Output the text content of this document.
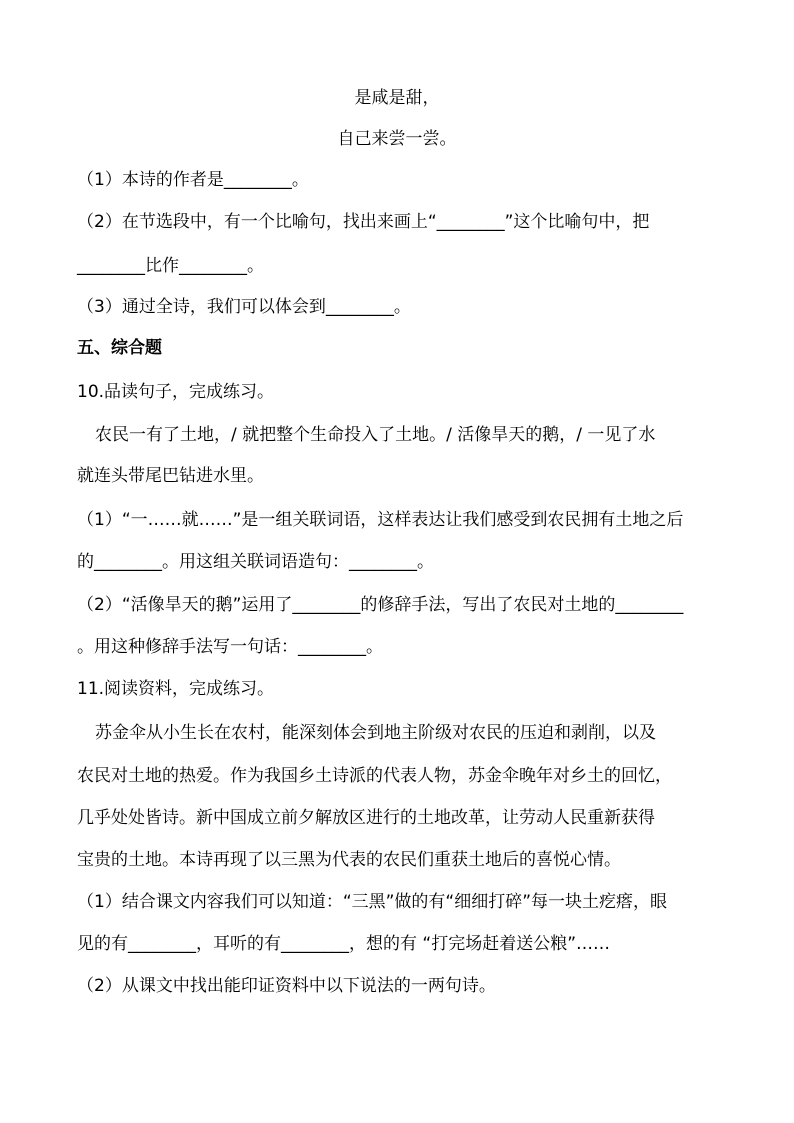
是咸是甜，
自己来尝一尝。
（1）本诗的作者是________。
（2）在节选段中，有一个比喻句，找出来画上“________”这个比喻句中，把
________比作________。
（3）通过全诗，我们可以体会到________。
五、综合题
10.品读句子，完成练习。
农民一有了土地，/ 就把整个生命投入了土地。/ 活像旱天的鹅，/ 一见了水
就连头带尾巴钻进水里。
（1）“一……就……”是一组关联词语，这样表达让我们感受到农民拥有土地之后
的________。用这组关联词语造句：________。
（2）“活像旱天的鹅”运用了________的修辞手法，写出了农民对土地的________
。用这种修辞手法写一句话：________。
11.阅读资料，完成练习。
苏金伞从小生长在农村，能深刻体会到地主阶级对农民的压迫和剥削，以及
农民对土地的热爱。作为我国乡土诗派的代表人物，苏金伞晚年对乡土的回忆，
几乎处处皆诗。新中国成立前夕解放区进行的土地改革，让劳动人民重新获得
宝贵的土地。本诗再现了以三黑为代表的农民们重获土地后的喜悦心情。
（1）结合课文内容我们可以知道：“三黑”做的有“细细打碎”每一块土疙瘩，眼
见的有________，耳听的有________，想的有 “打完场赶着送公粮”……
（2）从课文中找出能印证资料中以下说法的一两句诗。
